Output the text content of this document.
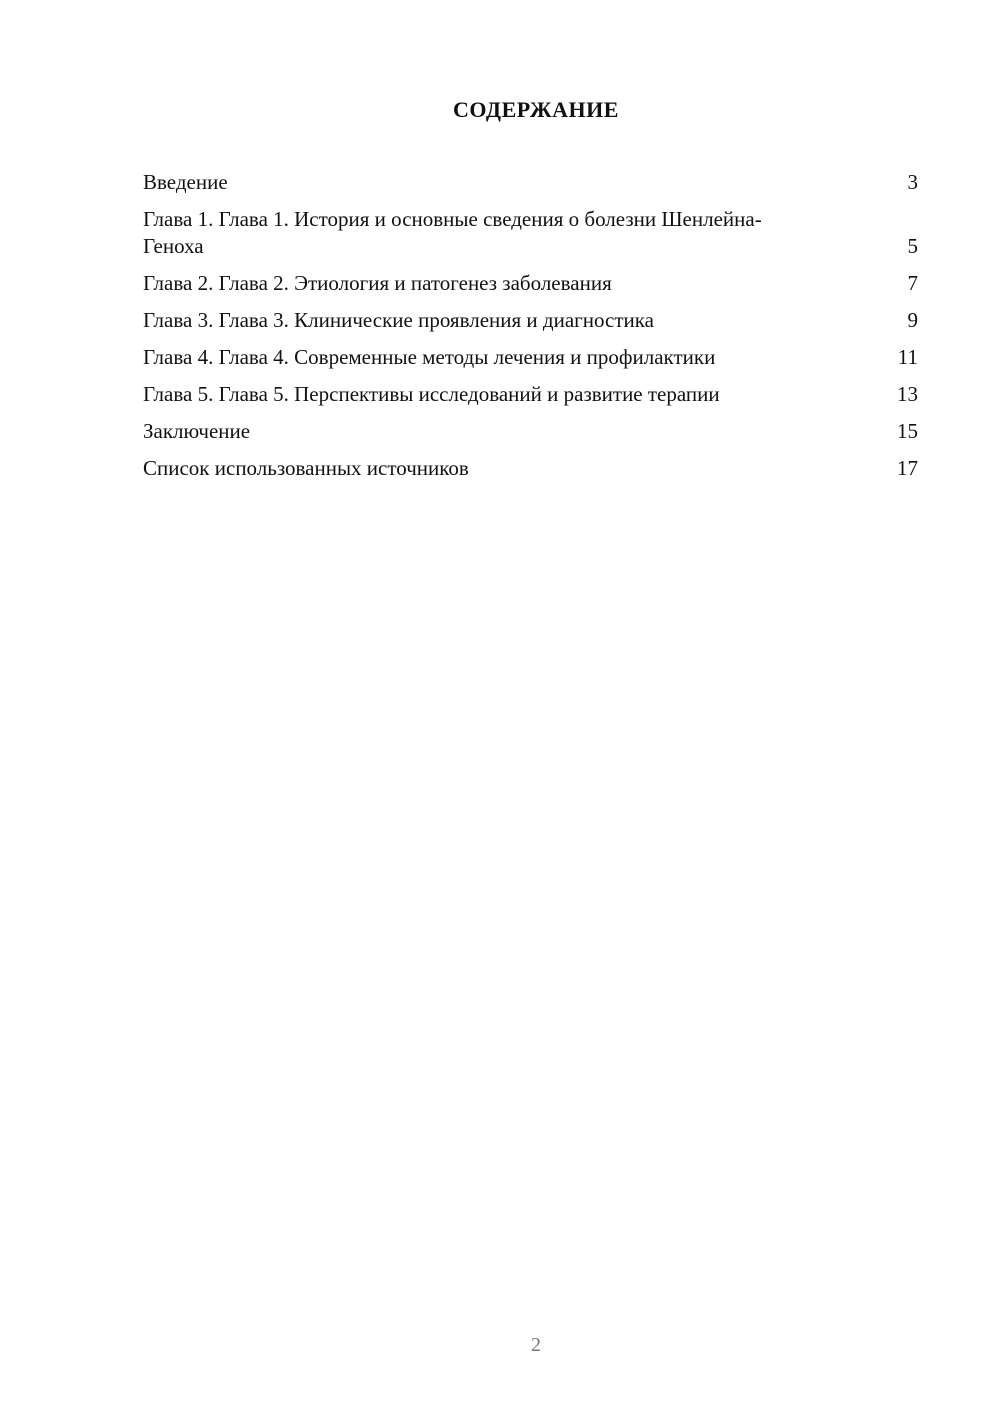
СОДЕРЖАНИЕ
Введение	3
Глава 1. Глава 1. История и основные сведения о болезни Шенлейна-Геноха	5
Глава 2. Глава 2. Этиология и патогенез заболевания	7
Глава 3. Глава 3. Клинические проявления и диагностика	9
Глава 4. Глава 4. Современные методы лечения и профилактики	11
Глава 5. Глава 5. Перспективы исследований и развитие терапии	13
Заключение	15
Список использованных источников	17
2
